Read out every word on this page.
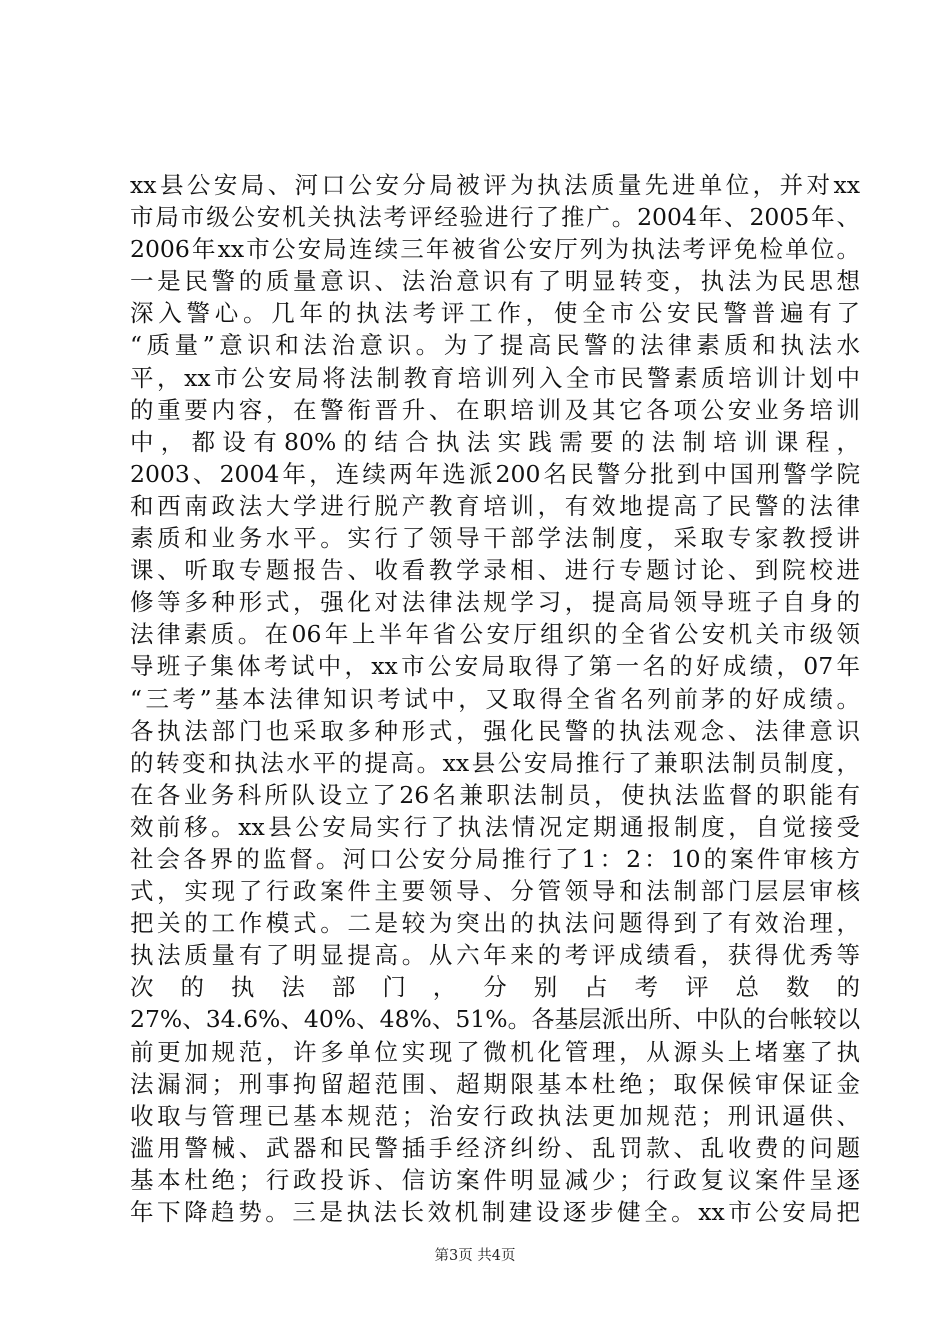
xx县公安局、河口公安分局被评为执法质量先进单位，并对xx
市局市级公安机关执法考评经验进行了推广。2004年、2005年、
2006年xx市公安局连续三年被省公安厅列为执法考评免检单位。
一是民警的质量意识、法治意识有了明显转变，执法为民思想
深入警心。几年的执法考评工作，使全市公安民警普遍有了
“质量”意识和法治意识。为了提高民警的法律素质和执法水
平，xx市公安局将法制教育培训列入全市民警素质培训计划中
的重要内容，在警衔晋升、在职培训及其它各项公安业务培训
中，都设有80%的结合执法实践需要的法制培训课程，
2003、2004年，连续两年选派200名民警分批到中国刑警学院
和西南政法大学进行脱产教育培训，有效地提高了民警的法律
素质和业务水平。实行了领导干部学法制度，采取专家教授讲
课、听取专题报告、收看教学录相、进行专题讨论、到院校进
修等多种形式，强化对法律法规学习，提高局领导班子自身的
法律素质。在06年上半年省公安厅组织的全省公安机关市级领
导班子集体考试中，xx市公安局取得了第一名的好成绩，07年
“三考”基本法律知识考试中，又取得全省名列前茅的好成绩。
各执法部门也采取多种形式，强化民警的执法观念、法律意识
的转变和执法水平的提高。xx县公安局推行了兼职法制员制度，
在各业务科所队设立了26名兼职法制员，使执法监督的职能有
效前移。xx县公安局实行了执法情况定期通报制度，自觉接受
社会各界的监督。河口公安分局推行了1：2：10的案件审核方
式，实现了行政案件主要领导、分管领导和法制部门层层审核
把关的工作模式。二是较为突出的执法问题得到了有效治理，
执法质量有了明显提高。从六年来的考评成绩看，获得优秀等
次 的 执 法 部 门 ， 分 别 占 考 评 总 数 的
27%、34.6%、40%、48%、51%。各基层派出所、中队的台帐较以
前更加规范，许多单位实现了微机化管理，从源头上堵塞了执
法漏洞；刑事拘留超范围、超期限基本杜绝；取保候审保证金
收取与管理已基本规范；治安行政执法更加规范；刑讯逼供、
滥用警械、武器和民警插手经济纠纷、乱罚款、乱收费的问题
基本杜绝；行政投诉、信访案件明显减少；行政复议案件呈逐
年下降趋势。三是执法长效机制建设逐步健全。xx市公安局把
第3页 共4页
